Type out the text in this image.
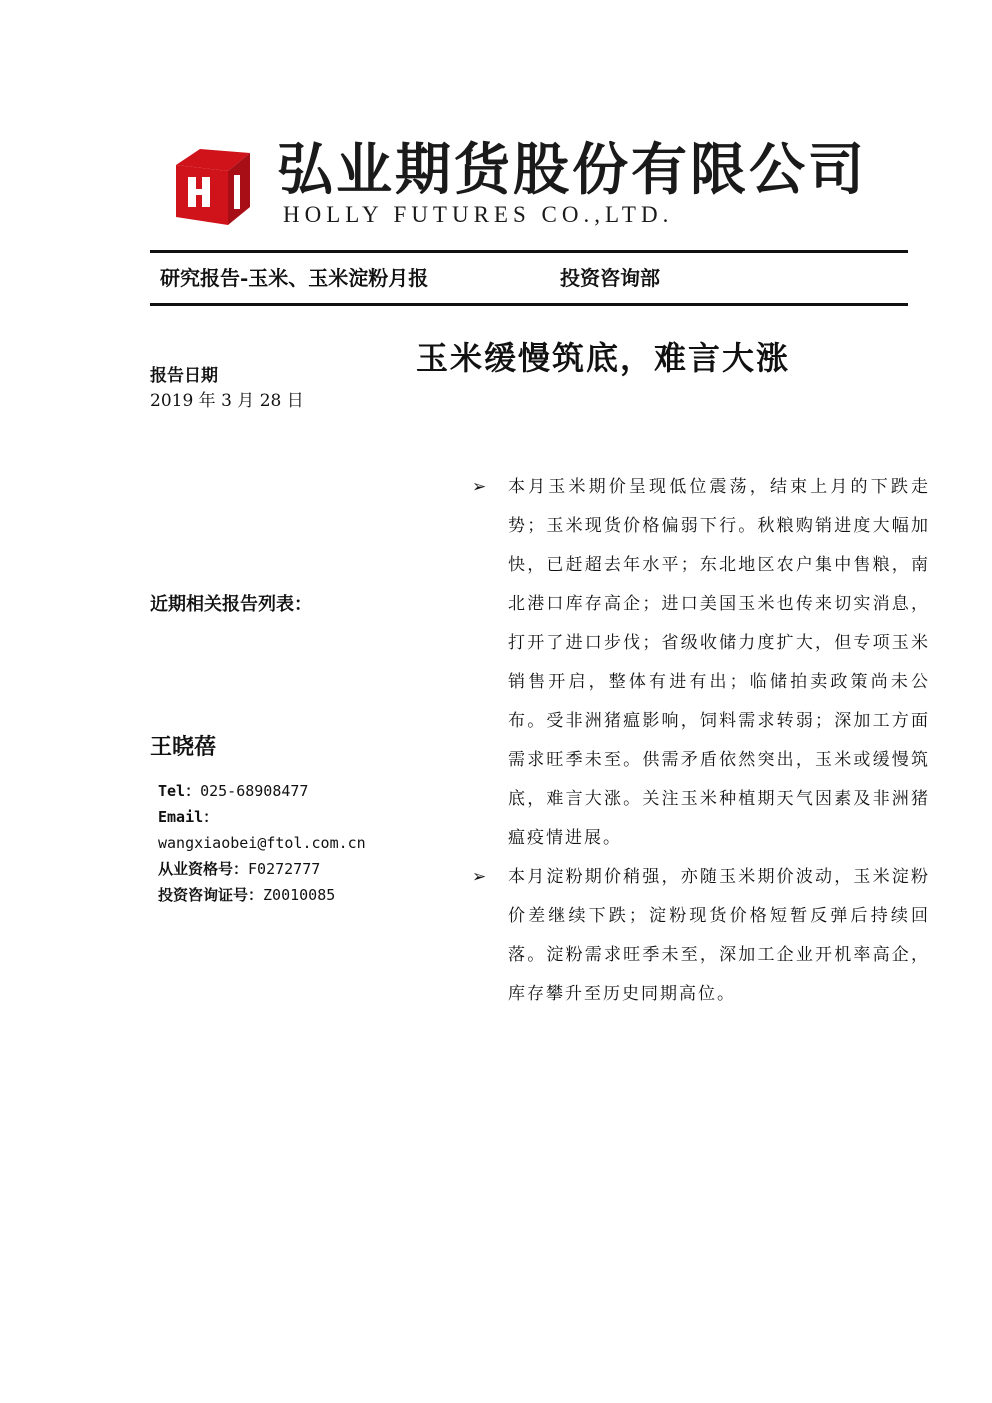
弘业期货股份有限公司
HOLLY FUTURES CO.,LTD.
研究报告-玉米、玉米淀粉月报	投资咨询部
玉米缓慢筑底，难言大涨
报告日期
2019 年 3 月 28 日
近期相关报告列表：
王晓蓓
Tel：025-68908477
Email：
wangxiaobei@ftol.com.cn
从业资格号：F0272777
投资咨询证号：Z0010085
➢ 本月玉米期价呈现低位震荡，结束上月的下跌走势；玉米现货价格偏弱下行。秋粮购销进度大幅加快，已赶超去年水平；东北地区农户集中售粮，南北港口库存高企；进口美国玉米也传来切实消息，打开了进口步伐；省级收储力度扩大，但专项玉米销售开启，整体有进有出；临储拍卖政策尚未公布。受非洲猪瘟影响，饲料需求转弱；深加工方面需求旺季未至。供需矛盾依然突出，玉米或缓慢筑底，难言大涨。关注玉米种植期天气因素及非洲猪瘟疫情进展。
➢ 本月淀粉期价稍强，亦随玉米期价波动，玉米淀粉价差继续下跌；淀粉现货价格短暂反弹后持续回落。淀粉需求旺季未至，深加工企业开机率高企，库存攀升至历史同期高位。
